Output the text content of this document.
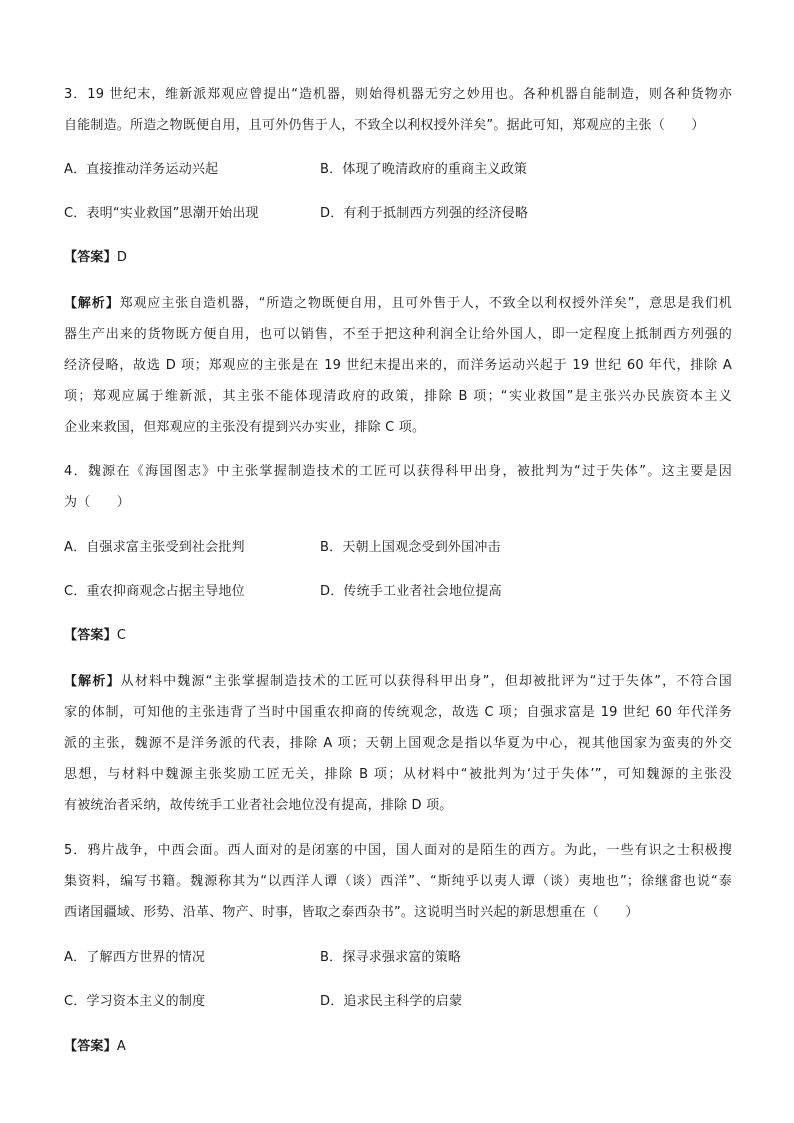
3．19 世纪末，维新派郑观应曾提出“造机器，则始得机器无穷之妙用也。各种机器自能制造，则各种货物亦
自能制造。所造之物既便自用，且可外仍售于人，不致全以利权授外洋矣”。据此可知，郑观应的主张（　　）
A．直接推动洋务运动兴起	B．体现了晚清政府的重商主义政策
C．表明“实业救国”思潮开始出现	D．有利于抵制西方列强的经济侵略
【答案】D
【解析】郑观应主张自造机器，“所造之物既便自用，且可外售于人，不致全以利权授外洋矣”，意思是我们机
器生产出来的货物既方便自用，也可以销售，不至于把这种利润全让给外国人，即一定程度上抵制西方列强的
经济侵略，故选 D 项；郑观应的主张是在 19 世纪末提出来的，而洋务运动兴起于 19 世纪 60 年代，排除 A
项；郑观应属于维新派，其主张不能体现清政府的政策，排除 B 项；“实业救国”是主张兴办民族资本主义
企业来救国，但郑观应的主张没有提到兴办实业，排除 C 项。
4．魏源在《海国图志》中主张掌握制造技术的工匠可以获得科甲出身，被批判为“过于失体”。这主要是因
为（　　）
A．自强求富主张受到社会批判	B．天朝上国观念受到外国冲击
C．重农抑商观念占据主导地位	D．传统手工业者社会地位提高
【答案】C
【解析】从材料中魏源“主张掌握制造技术的工匠可以获得科甲出身”，但却被批评为“过于失体”，不符合国
家的体制，可知他的主张违背了当时中国重农抑商的传统观念，故选 C 项；自强求富是 19 世纪 60 年代洋务
派的主张，魏源不是洋务派的代表，排除 A 项；天朝上国观念是指以华夏为中心，视其他国家为蛮夷的外交
思想，与材料中魏源主张奖励工匠无关，排除 B 项；从材料中“被批判为‘过于失体’”，可知魏源的主张没
有被统治者采纳，故传统手工业者社会地位没有提高，排除 D 项。
5．鸦片战争，中西会面。西人面对的是闭塞的中国，国人面对的是陌生的西方。为此，一些有识之士积极搜
集资料，编写书籍。魏源称其为“以西洋人谭（谈）西洋”、“斯纯乎以夷人谭（谈）夷地也”；徐继畬也说“泰
西诸国疆域、形势、沿革、物产、时事，皆取之泰西杂书”。这说明当时兴起的新思想重在（　　）
A．了解西方世界的情况	B．探寻求强求富的策略
C．学习资本主义的制度	D．追求民主科学的启蒙
【答案】A
